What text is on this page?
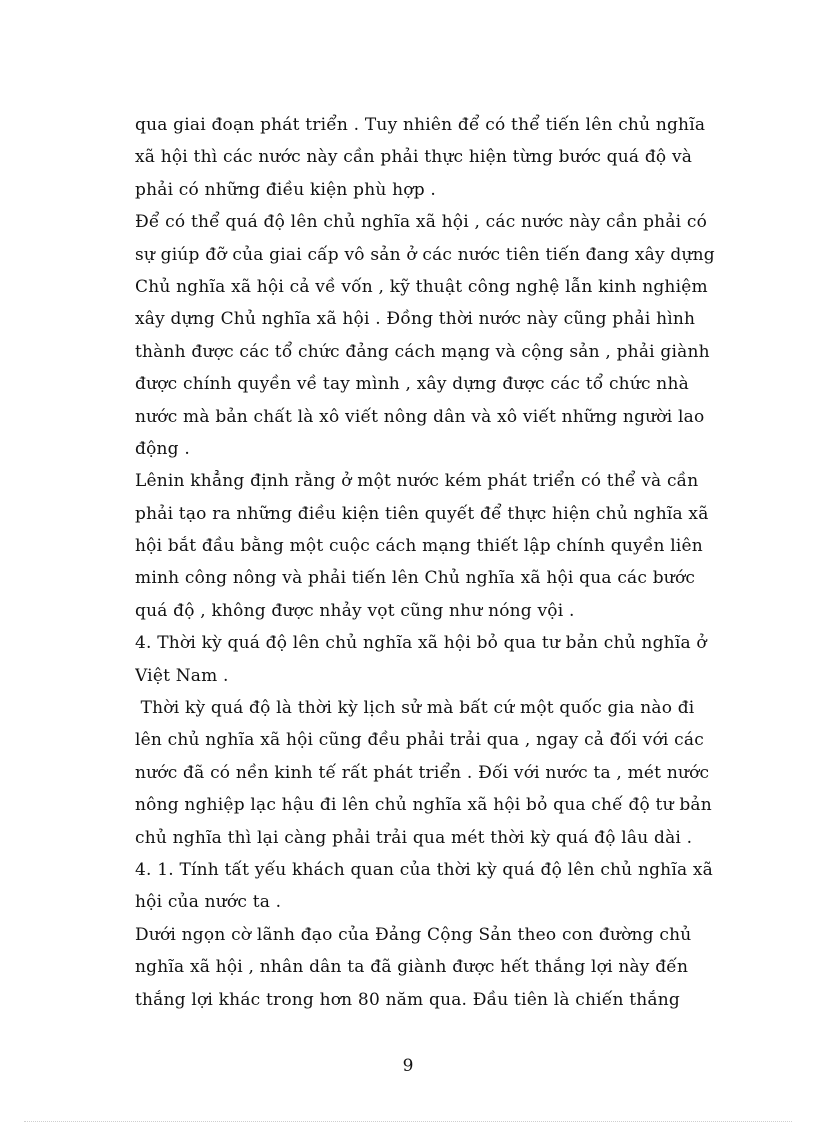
qua giai đoạn phát triển . Tuy nhiên để có thể tiến lên chủ nghĩa
xã hội thì các nước này cần phải thực hiện từng bước quá độ và
phải có những điều kiện phù hợp .
Để có thể quá độ lên chủ nghĩa xã hội , các nước này cần phải có
sự giúp đỡ của giai cấp vô sản ở các nước tiên tiến đang xây dựng
Chủ nghĩa xã hội cả về vốn , kỹ thuật công nghệ lẫn kinh nghiệm
xây dựng Chủ nghĩa xã hội . Đồng thời nước này cũng phải hình
thành được các tổ chức đảng cách mạng và cộng sản , phải giành
được chính quyền về tay mình , xây dựng được các tổ chức nhà
nước mà bản chất là xô viết nông dân và xô viết những người lao
động .
Lênin khẳng định rằng ở một nước kém phát triển có thể và cần
phải tạo ra những điều kiện tiên quyết để thực hiện chủ nghĩa xã
hội bắt đầu bằng một cuộc cách mạng thiết lập chính quyền liên
minh công nông và phải tiến lên Chủ nghĩa xã hội qua các bước
quá độ , không được nhảy vọt cũng như nóng vội .
4. Thời kỳ quá độ lên chủ nghĩa xã hội bỏ qua tư bản chủ nghĩa ở
Việt Nam .
Thời kỳ quá độ là thời kỳ lịch sử mà bất cứ một quốc gia nào đi
lên chủ nghĩa xã hội cũng đều phải trải qua , ngay cả đối với các
nước đã có nền kinh tế rất phát triển . Đối với nước ta , mét nước
nông nghiệp lạc hậu đi lên chủ nghĩa xã hội bỏ qua chế độ tư bản
chủ nghĩa thì lại càng phải trải qua mét thời kỳ quá độ lâu dài .
4. 1. Tính tất yếu khách quan của thời kỳ quá độ lên chủ nghĩa xã
hội của nước ta .
Dưới ngọn cờ lãnh đạo của Đảng Cộng Sản theo con đường chủ
nghĩa xã hội , nhân dân ta đã giành được hết thắng lợi này đến
thắng lợi khác trong hơn 80 năm qua. Đầu tiên là chiến thắng
9
